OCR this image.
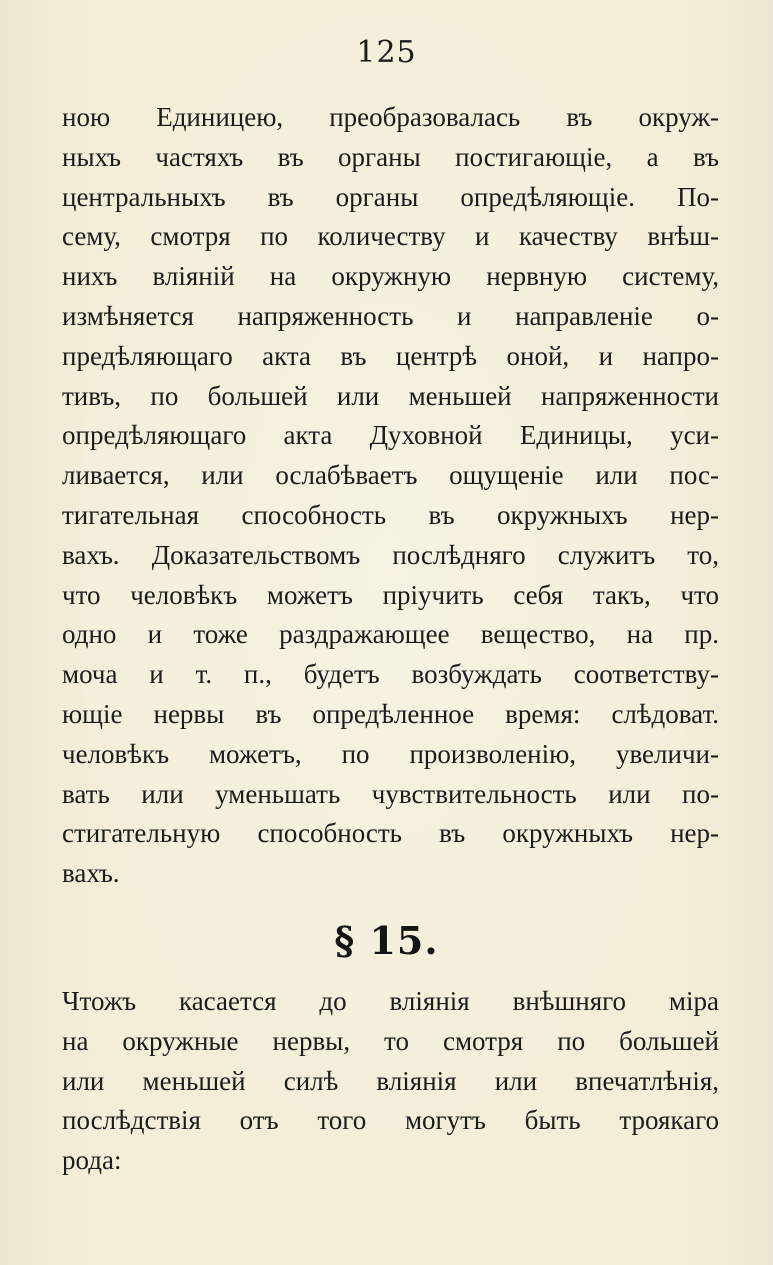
125
ною Единицею, преобразовалась въ окруж-
ныхъ частяхъ въ органы постигающіе, а въ
центральныхъ въ органы опредѣляющіе. По-
сему, смотря по количеству и качеству внѣш-
нихъ вліяній на окружную нервную систему,
измѣняется напряженность и направленіе о-
предѣляющаго акта въ центрѣ оной, и напро-
тивъ, по большей или меньшей напряженности
опредѣляющаго акта Духовной Единицы, уси-
ливается, или ослабѣваетъ ощущеніе или пос-
тигательная способность въ окружныхъ нер-
вахъ. Доказательствомъ послѣдняго служитъ то,
что человѣкъ можетъ пріучить себя такъ, что
одно и тоже раздражающее вещество, на пр.
моча и т. п., будетъ возбуждать соответству-
ющіе нервы въ опредѣленное время: слѣдоват.
человѣкъ можетъ, по произволенію, увеличи-
вать или уменьшать чувствительность или по-
стигательную способность въ окружныхъ нер-
вахъ.
§ 15.
Чтожъ касается до вліянія внѣшняго міра
на окружные нервы, то смотря по большей
или меньшей силѣ вліянія или впечатлѣнія,
послѣдствія отъ того могутъ быть троякаго
рода:
